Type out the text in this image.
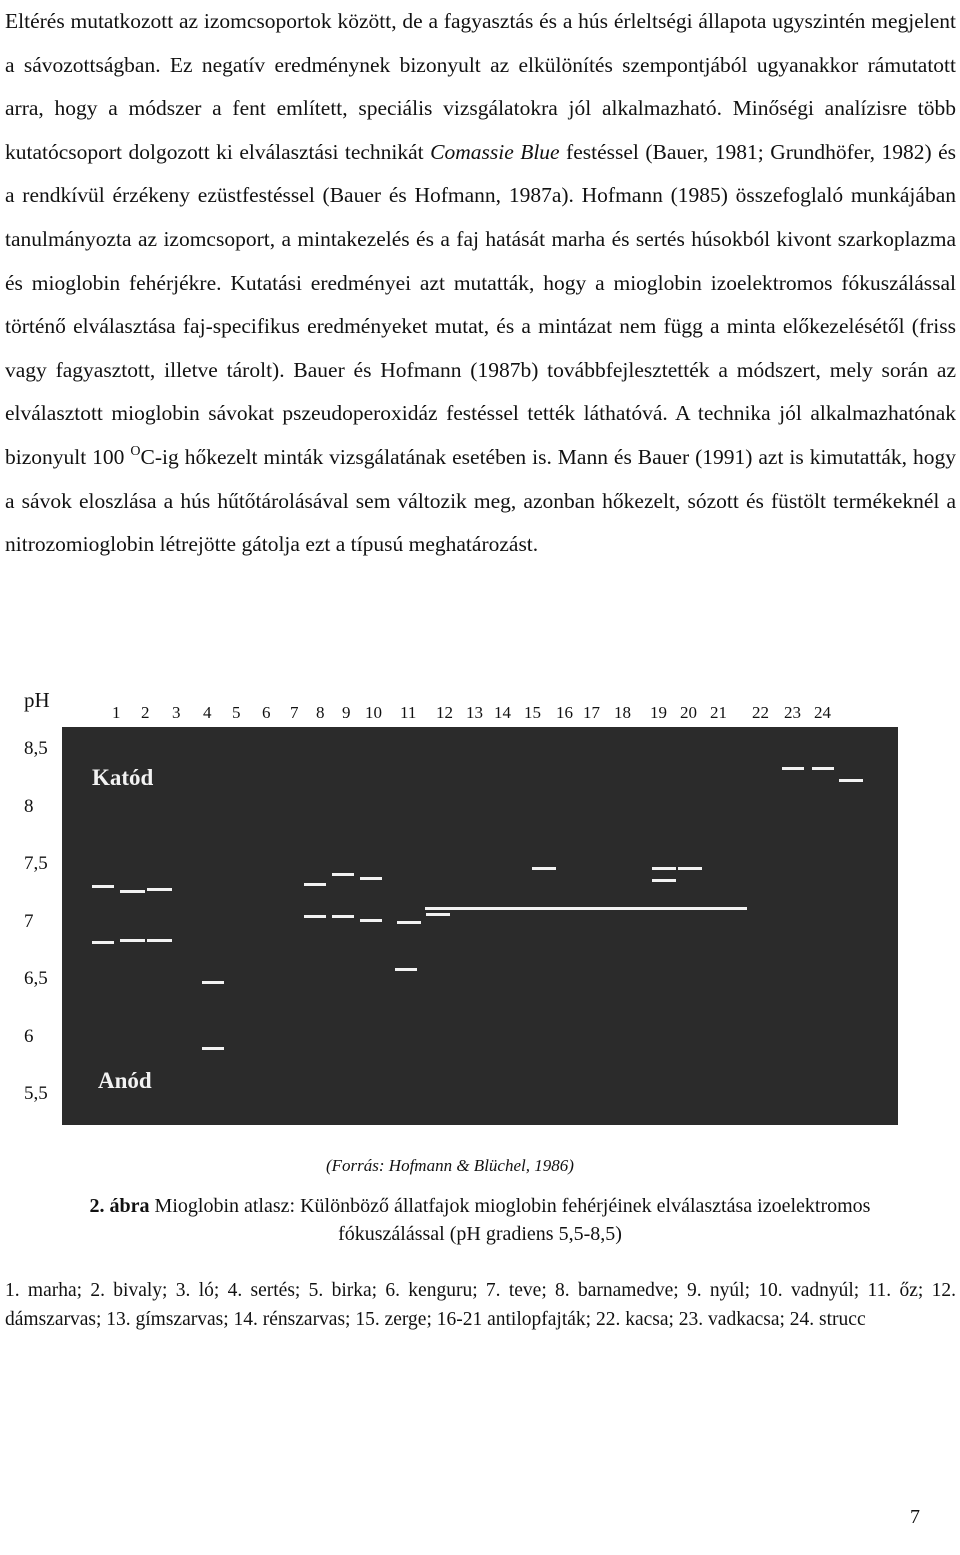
Eltérés mutatkozott az izomcsoportok között, de a fagyasztás és a hús érleltségi állapota ugyszintén megjelent a sávozottságban. Ez negatív eredménynek bizonyult az elkülönítés szempontjából ugyanakkor rámutatott arra, hogy a módszer a fent említett, speciális vizsgálatokra jól alkalmazható. Minőségi analízisre több kutatócsoport dolgozott ki elválasztási technikát Comassie Blue festéssel (Bauer, 1981; Grundhöfer, 1982) és a rendkívül érzékeny ezüstfestéssel (Bauer és Hofmann, 1987a). Hofmann (1985) összefoglaló munkájában tanulmányozta az izomcsoport, a mintakezelés és a faj hatását marha és sertés húsokból kivont szarkoplazma és mioglobin fehérjékre. Kutatási eredményei azt mutatták, hogy a mioglobin izoelektromos fókuszálással történő elválasztása faj-specifikus eredményeket mutat, és a mintázat nem függ a minta előkezelésétől (friss vagy fagyasztott, illetve tárolt). Bauer és Hofmann (1987b) továbbfejlesztették a módszert, mely során az elválasztott mioglobin sávokat pszeudoperoxidáz festéssel tették láthatóvá. A technika jól alkalmazhatónak bizonyult 100 $^O$C-ig hőkezelt minták vizsgálatának esetében is. Mann és Bauer (1991) azt is kimutatták, hogy a sávok eloszlása a hús hűtőtárolásával sem változik meg, azonban hőkezelt, sózott és füstölt termékeknél a nitrozomioglobin létrejötte gátolja ezt a típusú meghatározást.

pH
1 2 3 4 5 6 7 8 9 10 11 12 13 14 15 16 17 18 19 20 21 22 23 24
8,5
8
7,5
7
6,5
6
5,5
Katód
Anód
(Forrás: Hofmann & Blüchel, 1986)
2. ábra Mioglobin atlasz: Különböző állatfajok mioglobin fehérjéinek elválasztása izoelektromos fókuszálással (pH gradiens 5,5-8,5)

1. marha; 2. bivaly; 3. ló; 4. sertés; 5. birka; 6. kenguru; 7. teve; 8. barnamedve; 9. nyúl; 10. vadnyúl; 11. őz; 12. dámszarvas; 13. gímszarvas; 14. rénszarvas; 15. zerge; 16-21 antilopfajták; 22. kacsa; 23. vadkacsa; 24. strucc

7
